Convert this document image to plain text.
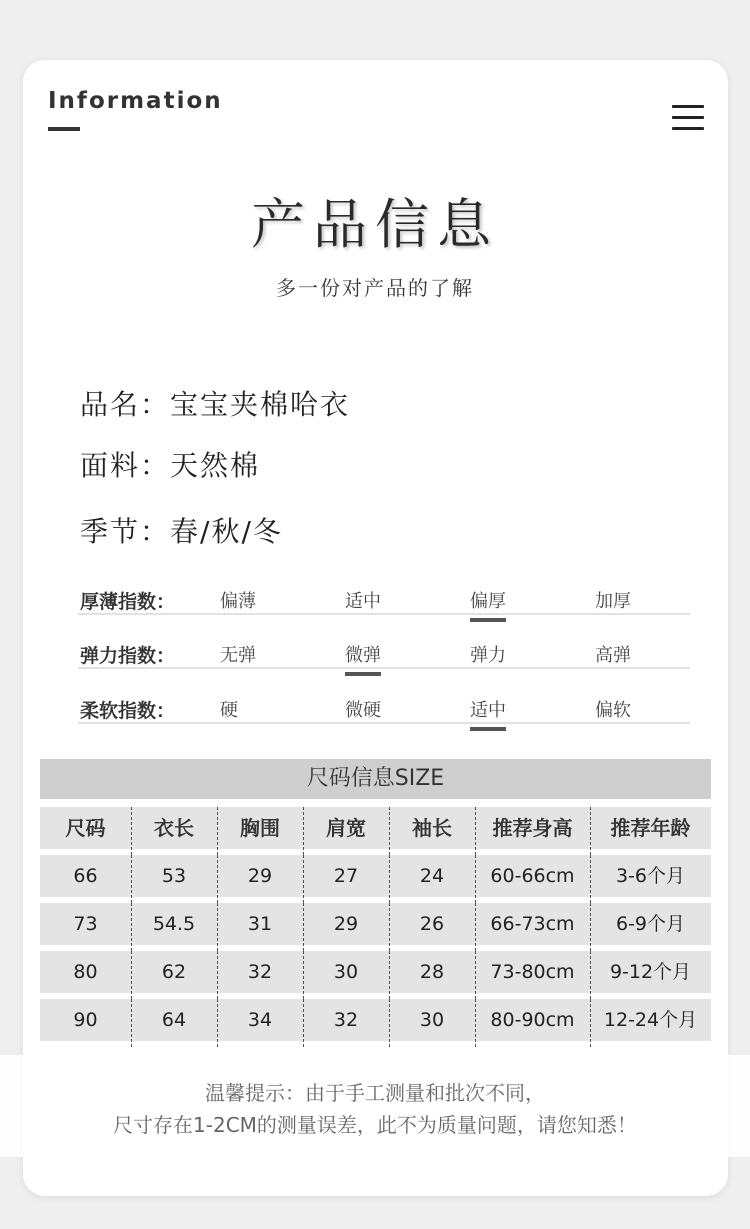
Information
产品信息
多一份对产品的了解
品名：宝宝夹棉哈衣
面料：天然棉
季节：春/秋/冬
厚薄指数： 偏薄	适中	偏厚	加厚
弹力指数： 无弹	微弹	弹力	高弹
柔软指数： 硬	微硬	适中	偏软
尺码信息SIZE
尺码	衣长	胸围	肩宽	袖长	推荐身高	推荐年龄
66	53	29	27	24	60-66cm	3-6个月
73	54.5	31	29	26	66-73cm	6-9个月
80	62	32	30	28	73-80cm	9-12个月
90	64	34	32	30	80-90cm	12-24个月
温馨提示：由于手工测量和批次不同，
尺寸存在1-2CM的测量误差，此不为质量问题，请您知悉！
